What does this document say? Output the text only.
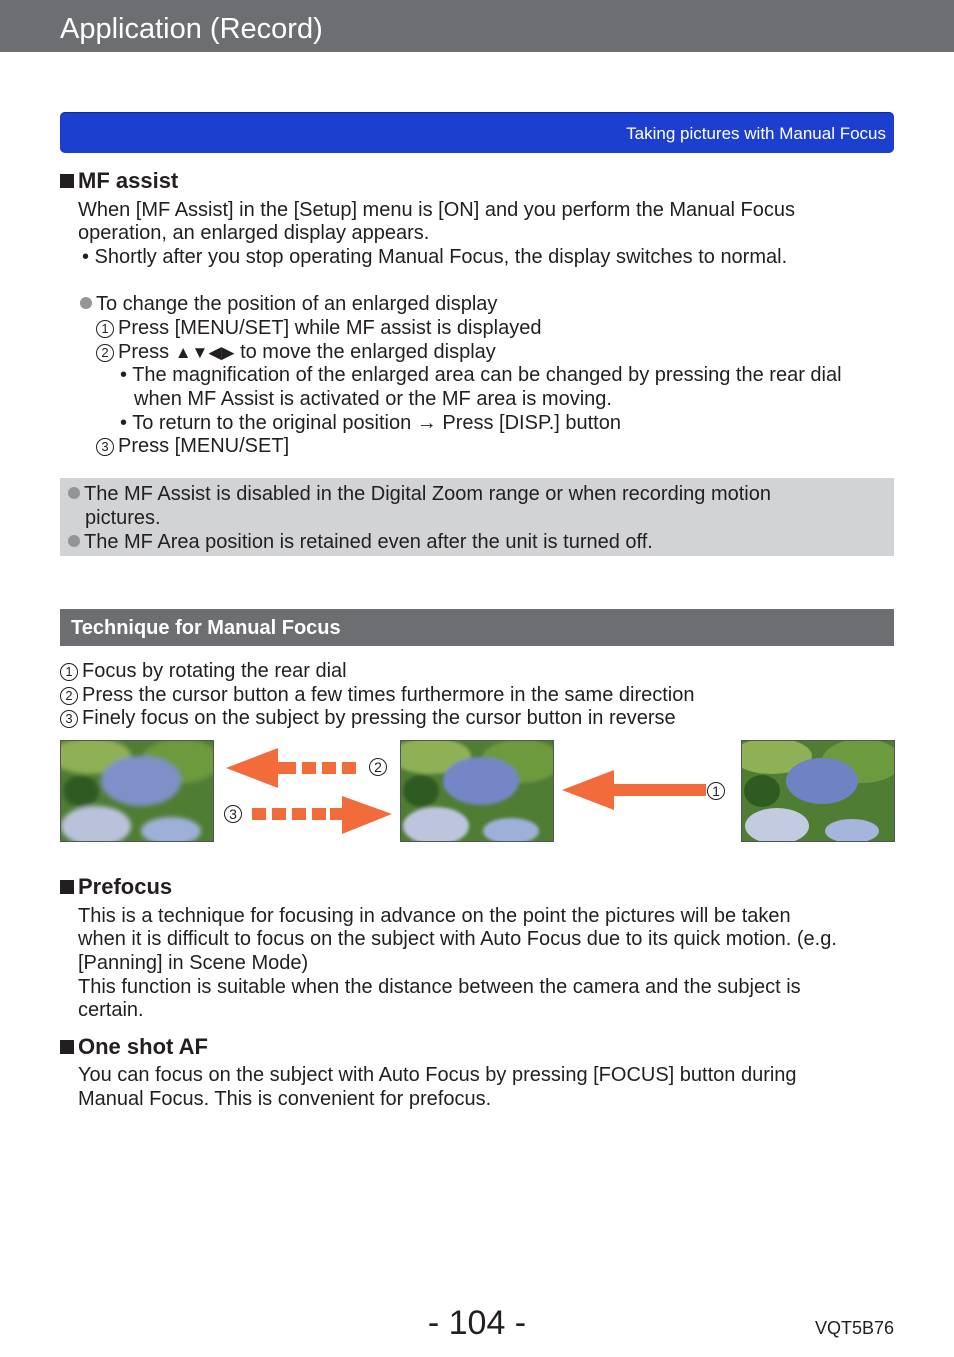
Application (Record)
Taking pictures with Manual Focus
MF assist
When [MF Assist] in the [Setup] menu is [ON] and you perform the Manual Focus
operation, an enlarged display appears.
• Shortly after you stop operating Manual Focus, the display switches to normal.
To change the position of an enlarged display
1 Press [MENU/SET] while MF assist is displayed
2 Press ▲▼◀▶ to move the enlarged display
• The magnification of the enlarged area can be changed by pressing the rear dial
when MF Assist is activated or the MF area is moving.
• To return to the original position → Press [DISP.] button
3 Press [MENU/SET]
The MF Assist is disabled in the Digital Zoom range or when recording motion
pictures.
The MF Area position is retained even after the unit is turned off.
Technique for Manual Focus
1 Focus by rotating the rear dial
2 Press the cursor button a few times furthermore in the same direction
3 Finely focus on the subject by pressing the cursor button in reverse
2
3
1
Prefocus
This is a technique for focusing in advance on the point the pictures will be taken
when it is difficult to focus on the subject with Auto Focus due to its quick motion. (e.g.
[Panning] in Scene Mode)
This function is suitable when the distance between the camera and the subject is
certain.
One shot AF
You can focus on the subject with Auto Focus by pressing [FOCUS] button during
Manual Focus. This is convenient for prefocus.
- 104 -	VQT5B76
